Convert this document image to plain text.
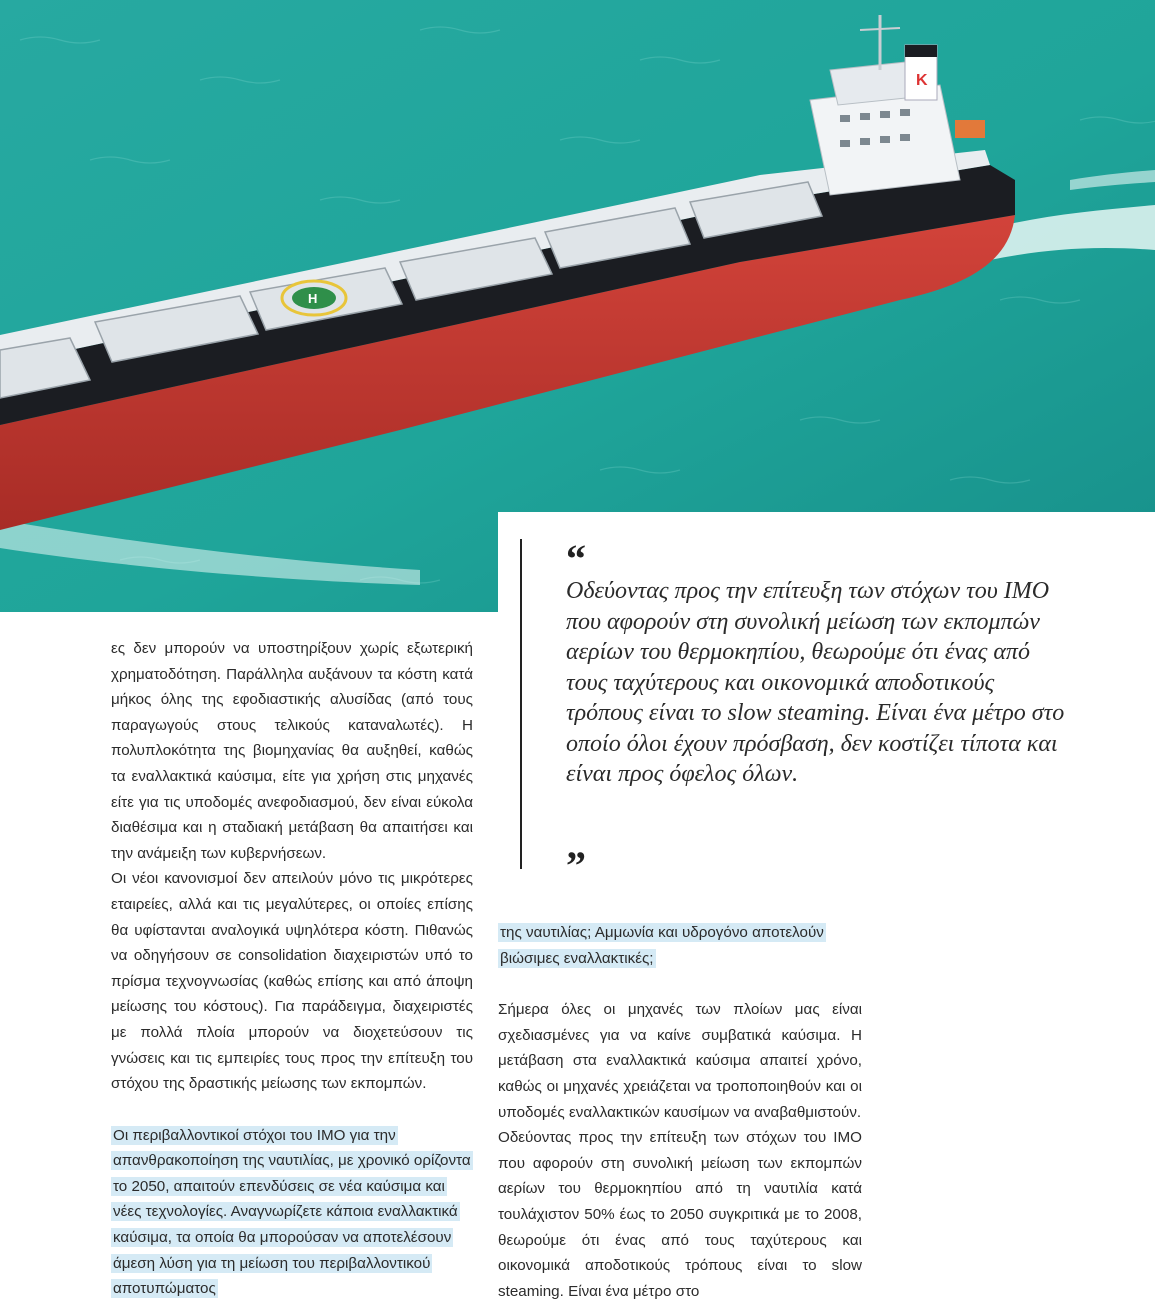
H
K
“

Οδεύοντας προς την επίτευξη των στόχων του IMO που αφορούν στη συνολική μείωση των εκπομπών αερίων του θερμοκηπίου, θεωρούμε ότι ένας από τους ταχύτερους και οικονομικά αποδοτικούς τρόπους είναι το slow steaming. Είναι ένα μέτρο στο οποίο όλοι έχουν πρόσβαση, δεν κοστίζει τίποτα και είναι προς όφελος όλων.

”

ες δεν μπορούν να υποστηρίξουν χωρίς εξωτερική χρηματοδότηση. Παράλληλα αυξάνουν τα κόστη κατά μήκος όλης της εφοδιαστικής αλυσίδας (από τους παραγωγούς στους τελικούς καταναλωτές). Η πολυπλοκότητα της βιομηχανίας θα αυξηθεί, καθώς τα εναλλακτικά καύσιμα, είτε για χρήση στις μηχανές είτε για τις υποδομές ανεφοδιασμού, δεν είναι εύκολα διαθέσιμα και η σταδιακή μετάβαση θα απαιτήσει και την ανάμειξη των κυβερνήσεων.

Οι νέοι κανονισμοί δεν απειλούν μόνο τις μικρότερες εταιρείες, αλλά και τις μεγαλύτερες, οι οποίες επίσης θα υφίστανται αναλογικά υψηλότερα κόστη. Πιθανώς να οδηγήσουν σε consolidation διαχειριστών υπό το πρίσμα τεχνογνωσίας (καθώς επίσης και από άποψη μείωσης του κόστους). Για παράδειγμα, διαχειριστές με πολλά πλοία μπορούν να διοχετεύσουν τις γνώσεις και τις εμπειρίες τους προς την επίτευξη του στόχου της δραστικής μείωσης των εκπομπών.

Οι περιβαλλοντικοί στόχοι του IMO για την απανθρακοποίηση της ναυτιλίας, με χρονικό ορίζοντα το 2050, απαιτούν επενδύσεις σε νέα καύσιμα και νέες τεχνολογίες. Αναγνωρίζετε κάποια εναλλακτικά καύσιμα, τα οποία θα μπορούσαν να αποτελέσουν άμεση λύση για τη μείωση του περιβαλλοντικού αποτυπώματος

της ναυτιλίας; Αμμωνία και υδρογόνο αποτελούν βιώσιμες εναλλακτικές;

Σήμερα όλες οι μηχανές των πλοίων μας είναι σχεδιασμένες για να καίνε συμβατικά καύσιμα. Η μετάβαση στα εναλλακτικά καύσιμα απαιτεί χρόνο, καθώς οι μηχανές χρειάζεται να τροποποιηθούν και οι υποδομές εναλλακτικών καυσίμων να αναβαθμιστούν.

Οδεύοντας προς την επίτευξη των στόχων του IMO που αφορούν στη συνολική μείωση των εκπομπών αερίων του θερμοκηπίου από τη ναυτιλία κατά τουλάχιστον 50% έως το 2050 συγκριτικά με το 2008, θεωρούμε ότι ένας από τους ταχύτερους και οικονομικά αποδοτικούς τρόπους είναι το slow steaming. Είναι ένα μέτρο στο
